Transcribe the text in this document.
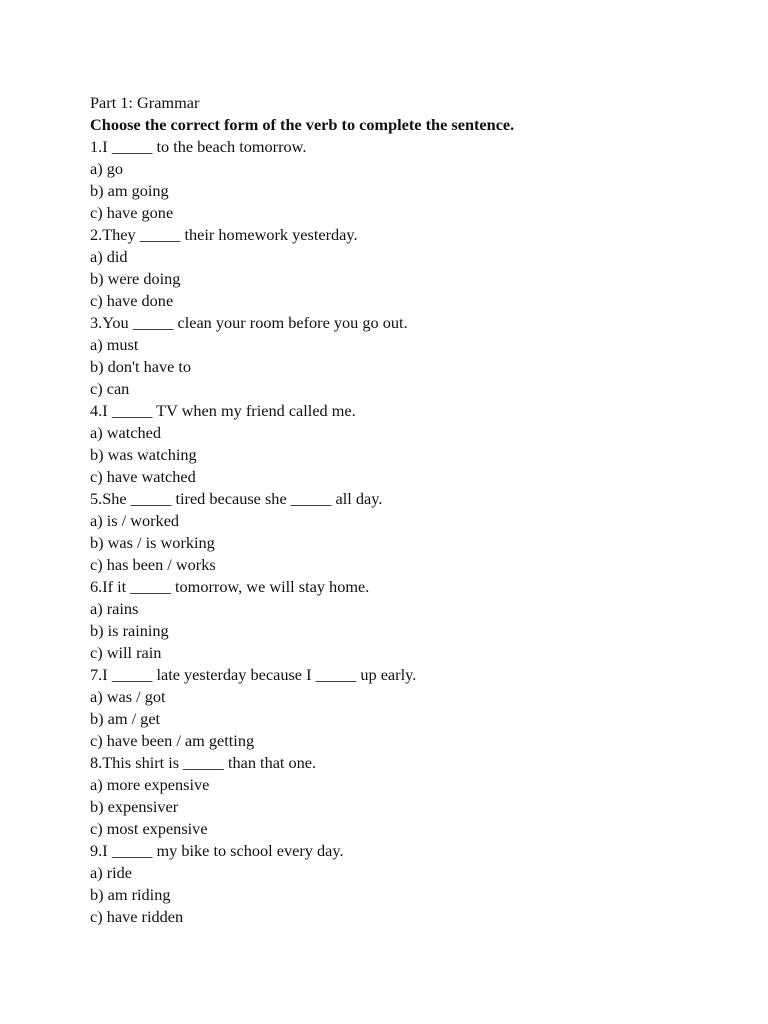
Part 1: Grammar
Choose the correct form of the verb to complete the sentence.
1.I _____ to the beach tomorrow.
a) go
b) am going
c) have gone
2.They _____ their homework yesterday.
a) did
b) were doing
c) have done
3.You _____ clean your room before you go out.
a) must
b) don't have to
c) can
4.I _____ TV when my friend called me.
a) watched
b) was watching
c) have watched
5.She _____ tired because she _____ all day.
a) is / worked
b) was / is working
c) has been / works
6.If it _____ tomorrow, we will stay home.
a) rains
b) is raining
c) will rain
7.I _____ late yesterday because I _____ up early.
a) was / got
b) am / get
c) have been / am getting
8.This shirt is _____ than that one.
a) more expensive
b) expensiver
c) most expensive
9.I _____ my bike to school every day.
a) ride
b) am riding
c) have ridden
